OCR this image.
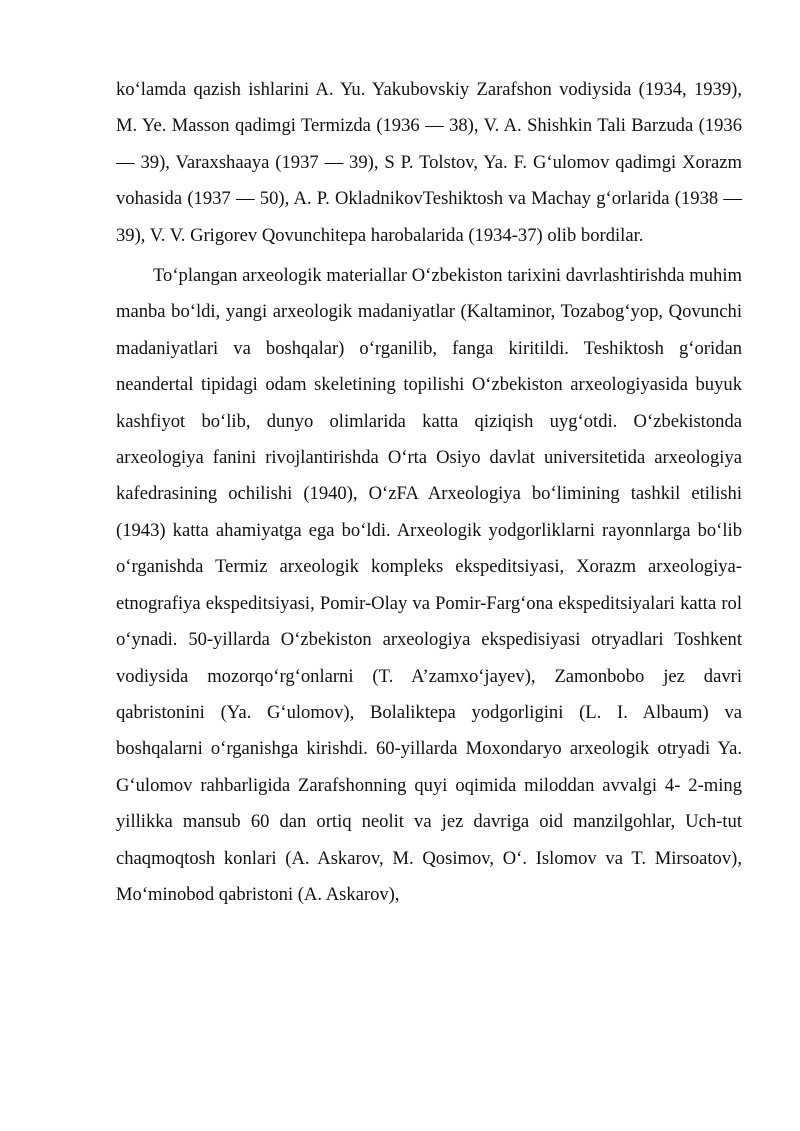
ko‘lamda qazish ishlarini A. Yu. Yakubovskiy Zarafshon vodiysida (1934, 1939), M. Ye. Masson qadimgi Termizda (1936 — 38), V. A. Shishkin Tali Barzuda (1936 — 39), Varaxshaaya (1937 — 39), S P. Tolstov, Ya. F. G‘ulomov qadimgi Xorazm vohasida (1937 — 50), A. P. OkladnikovTeshiktosh va Machay g‘orlarida (1938 — 39), V. V. Grigorev Qovunchitepa harobalarida (1934-37) olib bordilar.

To‘plangan arxeologik materiallar O‘zbekiston tarixini davrlashtirishda muhim manba bo‘ldi, yangi arxeologik madaniyatlar (Kaltaminor, Tozabog‘yop, Qovunchi madaniyatlari va boshqalar) o‘rganilib, fanga kiritildi. Teshiktosh g‘oridan neandertal tipidagi odam skeletining topilishi O‘zbekiston arxeologiyasida buyuk kashfiyot bo‘lib, dunyo olimlarida katta qiziqish uyg‘otdi. O‘zbekistonda arxeologiya fanini rivojlantirishda O‘rta Osiyo davlat universitetida arxeologiya kafedrasining ochilishi (1940), O‘zFA Arxeologiya bo‘limining tashkil etilishi (1943) katta ahamiyatga ega bo‘ldi. Arxeologik yodgorliklarni rayonnlarga bo‘lib o‘rganishda Termiz arxeologik kompleks ekspeditsiyasi, Xorazm arxeologiya-etnografiya ekspeditsiyasi, Pomir-Olay va Pomir-Farg‘ona ekspeditsiyalari katta rol o‘ynadi. 50-yillarda O‘zbekiston arxeologiya ekspedisiyasi otryadlari Toshkent vodiysida mozorqo‘rg‘onlarni (T. A’zamxo‘jayev), Zamonbobo jez davri qabristonini (Ya. G‘ulomov), Bolaliktepa yodgorligini (L. I. Albaum) va boshqalarni o‘rganishga kirishdi. 60-yillarda Moxondaryo arxeologik otryadi Ya. G‘ulomov rahbarligida Zarafshonning quyi oqimida miloddan avvalgi 4- 2-ming yillikka mansub 60 dan ortiq neolit va jez davriga oid manzilgohlar, Uch-tut chaqmoqtosh konlari (A. Askarov, M. Qosimov, O‘. Islomov va T. Mirsoatov), Mo‘minobod qabristoni (A. Askarov),
